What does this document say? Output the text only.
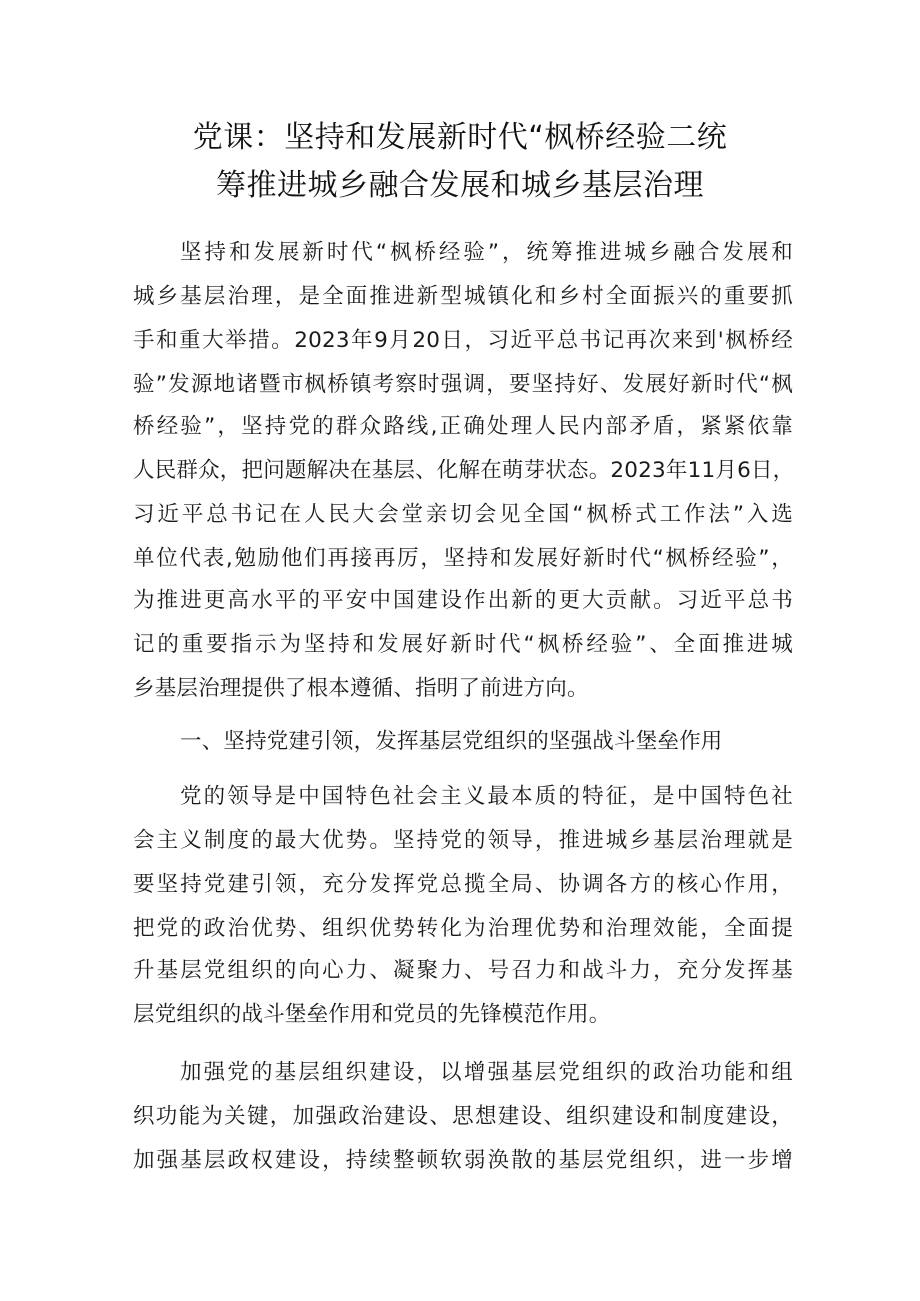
党课：坚持和发展新时代“枫桥经验二统
筹推进城乡融合发展和城乡基层治理
坚持和发展新时代“枫桥经验”，统筹推进城乡融合发展和
城乡基层治理，是全面推进新型城镇化和乡村全面振兴的重要抓
手和重大举措。2023年9月20日，习近平总书记再次来到'枫桥经
验”发源地诸暨市枫桥镇考察时强调，要坚持好、发展好新时代“枫
桥经验”，坚持党的群众路线,正确处理人民内部矛盾，紧紧依靠
人民群众，把问题解决在基层、化解在萌芽状态。2023年11月6日，
习近平总书记在人民大会堂亲切会见全国“枫桥式工作法”入选
单位代表,勉励他们再接再厉，坚持和发展好新时代“枫桥经验”，
为推进更高水平的平安中国建设作出新的更大贡献。习近平总书
记的重要指示为坚持和发展好新时代“枫桥经验”、全面推进城
乡基层治理提供了根本遵循、指明了前进方向。
一、坚持党建引领，发挥基层党组织的坚强战斗堡垒作用
党的领导是中国特色社会主义最本质的特征，是中国特色社
会主义制度的最大优势。坚持党的领导，推进城乡基层治理就是
要坚持党建引领，充分发挥党总揽全局、协调各方的核心作用，
把党的政治优势、组织优势转化为治理优势和治理效能，全面提
升基层党组织的向心力、凝聚力、号召力和战斗力，充分发挥基
层党组织的战斗堡垒作用和党员的先锋模范作用。
加强党的基层组织建设，以增强基层党组织的政治功能和组
织功能为关键，加强政治建设、思想建设、组织建设和制度建设，
加强基层政权建设，持续整顿软弱涣散的基层党组织，进一步增
